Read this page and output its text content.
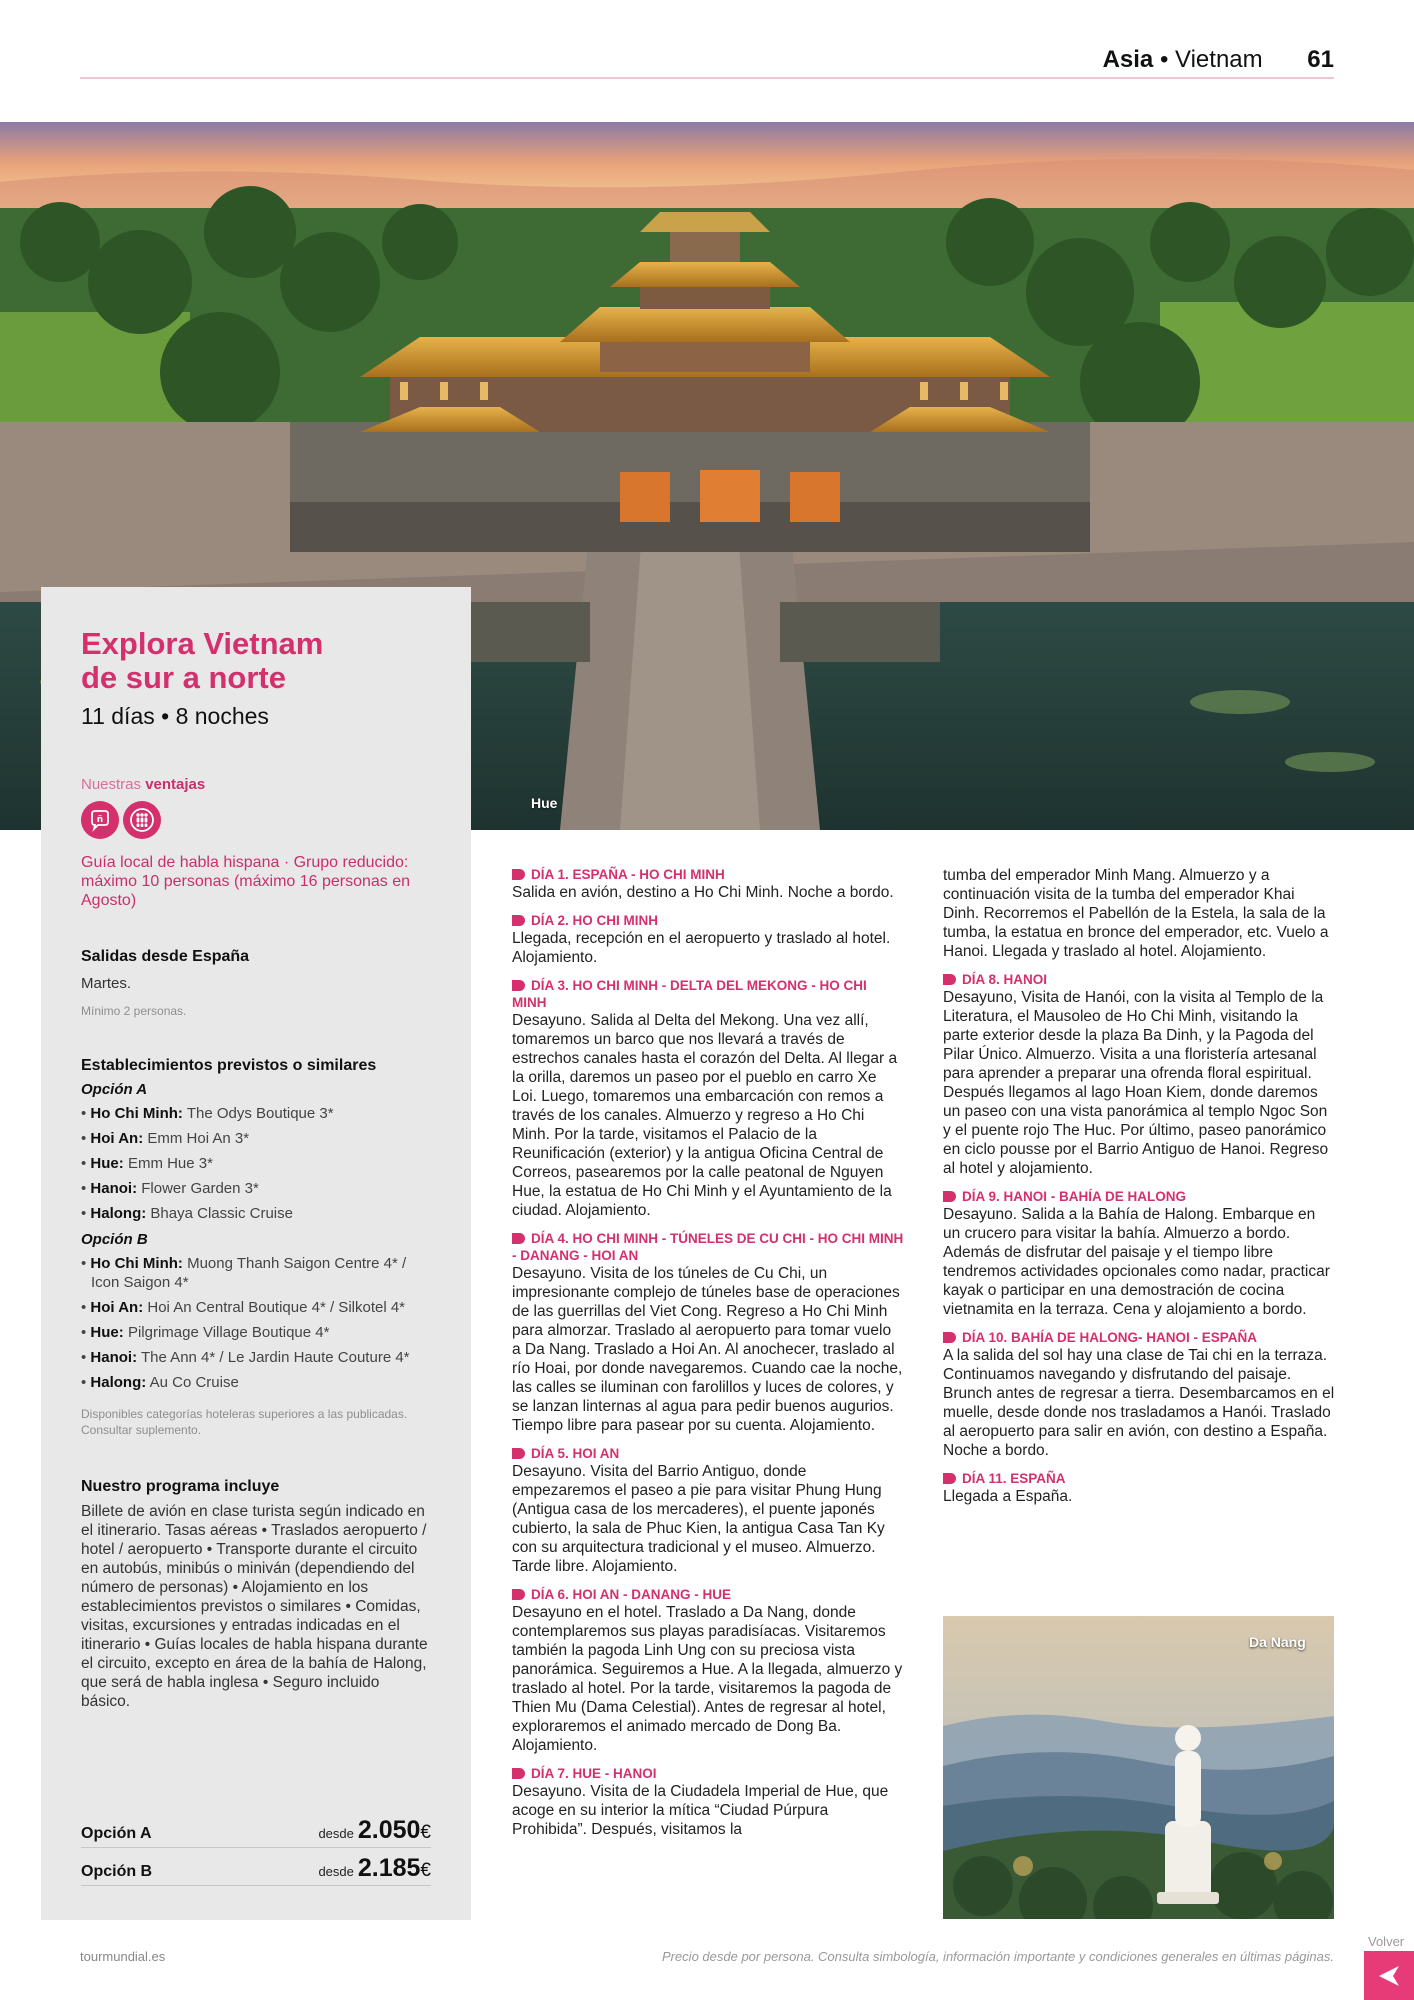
Asia • Vietnam 61
Hue
Explora Vietnam
de sur a norte
11 días • 8 noches
Nuestras ventajas
ñ
Guía local de habla hispana · Grupo reducido: máximo 10 personas (máximo 16 personas en Agosto)
Salidas desde España
Martes.
Mínimo 2 personas.
Establecimientos previstos o similares
Opción A
• Ho Chi Minh: The Odys Boutique 3*
• Hoi An: Emm Hoi An 3*
• Hue: Emm Hue 3*
• Hanoi: Flower Garden 3*
• Halong: Bhaya Classic Cruise
Opción B
• Ho Chi Minh: Muong Thanh Saigon Centre 4* / Icon Saigon 4*
• Hoi An: Hoi An Central Boutique 4* / Silkotel 4*
• Hue: Pilgrimage Village Boutique 4*
• Hanoi: The Ann 4* / Le Jardin Haute Couture 4*
• Halong: Au Co Cruise
Disponibles categorías hoteleras superiores a las publicadas. Consultar suplemento.
Nuestro programa incluye
Billete de avión en clase turista según indicado en el itinerario. Tasas aéreas • Traslados aeropuerto / hotel / aeropuerto • Transporte durante el circuito en autobús, minibús o miniván (dependiendo del número de personas) • Alojamiento en los establecimientos previstos o similares • Comidas, visitas, excursiones y entradas indicadas en el itinerario • Guías locales de habla hispana durante el circuito, excepto en área de la bahía de Halong, que será de habla inglesa • Seguro incluido básico.
Opción A	desde 2.050€
Opción B	desde 2.185€
DÍA 1. ESPAÑA - HO CHI MINH
Salida en avión, destino a Ho Chi Minh. Noche a bordo.
DÍA 2. HO CHI MINH
Llegada, recepción en el aeropuerto y traslado al hotel. Alojamiento.
DÍA 3. HO CHI MINH - DELTA DEL MEKONG - HO CHI MINH
Desayuno. Salida al Delta del Mekong. Una vez allí, tomaremos un barco que nos llevará a través de estrechos canales hasta el corazón del Delta. Al llegar a la orilla, daremos un paseo por el pueblo en carro Xe Loi. Luego, tomaremos una embarcación con remos a través de los canales. Almuerzo y regreso a Ho Chi Minh. Por la tarde, visitamos el Palacio de la Reunificación (exterior) y la antigua Oficina Central de Correos, pasearemos por la calle peatonal de Nguyen Hue, la estatua de Ho Chi Minh y el Ayuntamiento de la ciudad. Alojamiento.
DÍA 4. HO CHI MINH - TÚNELES DE CU CHI - HO CHI MINH - DANANG - HOI AN
Desayuno. Visita de los túneles de Cu Chi, un impresionante complejo de túneles base de operaciones de las guerrillas del Viet Cong. Regreso a Ho Chi Minh para almorzar. Traslado al aeropuerto para tomar vuelo a Da Nang. Traslado a Hoi An. Al anochecer, traslado al río Hoai, por donde navegaremos. Cuando cae la noche, las calles se iluminan con farolillos y luces de colores, y se lanzan linternas al agua para pedir buenos augurios. Tiempo libre para pasear por su cuenta. Alojamiento.
DÍA 5. HOI AN
Desayuno. Visita del Barrio Antiguo, donde empezaremos el paseo a pie para visitar Phung Hung (Antigua casa de los mercaderes), el puente japonés cubierto, la sala de Phuc Kien, la antigua Casa Tan Ky con su arquitectura tradicional y el museo. Almuerzo. Tarde libre. Alojamiento.
DÍA 6. HOI AN - DANANG - HUE
Desayuno en el hotel. Traslado a Da Nang, donde contemplaremos sus playas paradisíacas. Visitaremos también la pagoda Linh Ung con su preciosa vista panorámica. Seguiremos a Hue. A la llegada, almuerzo y traslado al hotel. Por la tarde, visitaremos la pagoda de Thien Mu (Dama Celestial). Antes de regresar al hotel, exploraremos el animado mercado de Dong Ba. Alojamiento.
DÍA 7. HUE - HANOI
Desayuno. Visita de la Ciudadela Imperial de Hue, que acoge en su interior la mítica “Ciudad Púrpura Prohibida”. Después, visitamos la
tumba del emperador Minh Mang. Almuerzo y a continuación visita de la tumba del emperador Khai Dinh. Recorremos el Pabellón de la Estela, la sala de la tumba, la estatua en bronce del emperador, etc. Vuelo a Hanoi. Llegada y traslado al hotel. Alojamiento.
DÍA 8. HANOI
Desayuno, Visita de Hanói, con la visita al Templo de la Literatura, el Mausoleo de Ho Chi Minh, visitando la parte exterior desde la plaza Ba Dinh, y la Pagoda del Pilar Único. Almuerzo. Visita a una floristería artesanal para aprender a preparar una ofrenda floral espiritual. Después llegamos al lago Hoan Kiem, donde daremos un paseo con una vista panorámica al templo Ngoc Son y el puente rojo The Huc. Por último, paseo panorámico en ciclo pousse por el Barrio Antiguo de Hanoi. Regreso al hotel y alojamiento.
DÍA 9. HANOI - BAHÍA DE HALONG
Desayuno. Salida a la Bahía de Halong. Embarque en un crucero para visitar la bahía. Almuerzo a bordo. Además de disfrutar del paisaje y el tiempo libre tendremos actividades opcionales como nadar, practicar kayak o participar en una demostración de cocina vietnamita en la terraza. Cena y alojamiento a bordo.
DÍA 10. BAHÍA DE HALONG- HANOI - ESPAÑA
A la salida del sol hay una clase de Tai chi en la terraza. Continuamos navegando y disfrutando del paisaje. Brunch antes de regresar a tierra. Desembarcamos en el muelle, desde donde nos trasladamos a Hanói. Traslado al aeropuerto para salir en avión, con destino a España. Noche a bordo.
DÍA 11. ESPAÑA
Llegada a España.
Da Nang
tourmundial.es	Precio desde por persona. Consulta simbología, información importante y condiciones generales en últimas páginas.
Volver
